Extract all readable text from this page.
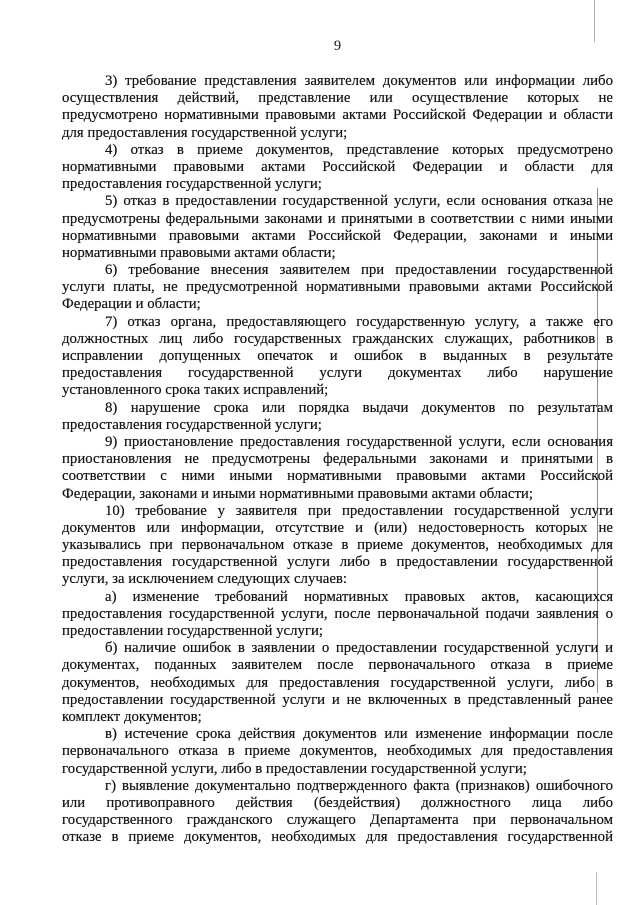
9
3) требование представления заявителем документов или информации либо
осуществления действий, представление или осуществление которых не
предусмотрено нормативными правовыми актами Российской Федерации и области
для предоставления государственной услуги;
4) отказ в приеме документов, представление которых предусмотрено
нормативными правовыми актами Российской Федерации и области для
предоставления государственной услуги;
5) отказ в предоставлении государственной услуги, если основания отказа не
предусмотрены федеральными законами и принятыми в соответствии с ними иными
нормативными правовыми актами Российской Федерации, законами и иными
нормативными правовыми актами области;
6) требование внесения заявителем при предоставлении государственной
услуги платы, не предусмотренной нормативными правовыми актами Российской
Федерации и области;
7) отказ органа, предоставляющего государственную услугу, а также его
должностных лиц либо государственных гражданских служащих, работников в
исправлении допущенных опечаток и ошибок в выданных в результате
предоставления государственной услуги документах либо нарушение
установленного срока таких исправлений;
8) нарушение срока или порядка выдачи документов по результатам
предоставления государственной услуги;
9) приостановление предоставления государственной услуги, если основания
приостановления не предусмотрены федеральными законами и принятыми в
соответствии с ними иными нормативными правовыми актами Российской
Федерации, законами и иными нормативными правовыми актами области;
10) требование у заявителя при предоставлении государственной услуги
документов или информации, отсутствие и (или) недостоверность которых не
указывались при первоначальном отказе в приеме документов, необходимых для
предоставления государственной услуги либо в предоставлении государственной
услуги, за исключением следующих случаев:
а) изменение требований нормативных правовых актов, касающихся
предоставления государственной услуги, после первоначальной подачи заявления о
предоставлении государственной услуги;
б) наличие ошибок в заявлении о предоставлении государственной услуги и
документах, поданных заявителем после первоначального отказа в приеме
документов, необходимых для предоставления государственной услуги, либо в
предоставлении государственной услуги и не включенных в представленный ранее
комплект документов;
в) истечение срока действия документов или изменение информации после
первоначального отказа в приеме документов, необходимых для предоставления
государственной услуги, либо в предоставлении государственной услуги;
г) выявление документально подтвержденного факта (признаков) ошибочного
или противоправного действия (бездействия) должностного лица либо
государственного гражданского служащего Департамента при первоначальном
отказе в приеме документов, необходимых для предоставления государственной
